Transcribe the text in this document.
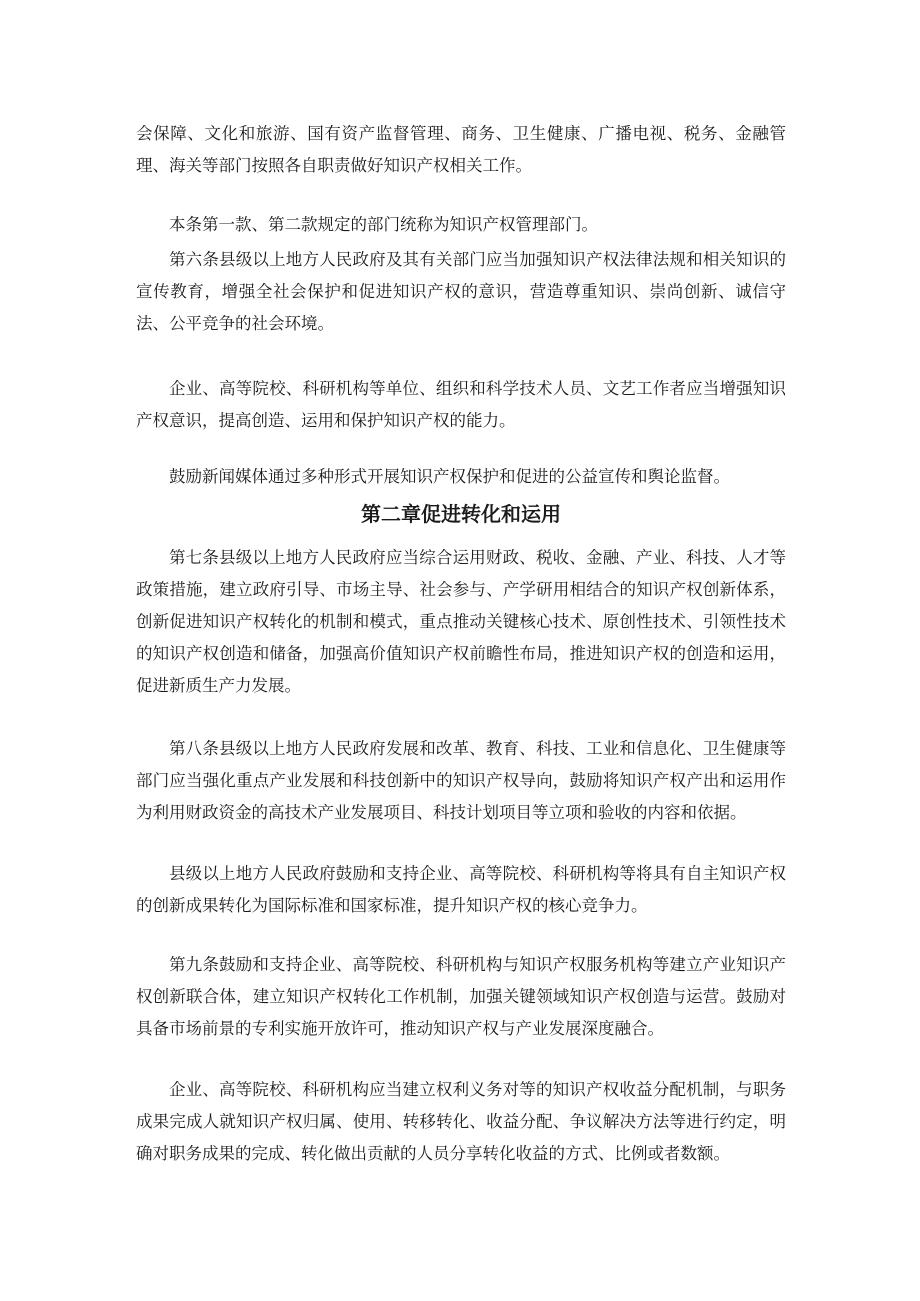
会保障、文化和旅游、国有资产监督管理、商务、卫生健康、广播电视、税务、金融管理、海关等部门按照各自职责做好知识产权相关工作。

本条第一款、第二款规定的部门统称为知识产权管理部门。

第六条县级以上地方人民政府及其有关部门应当加强知识产权法律法规和相关知识的宣传教育，增强全社会保护和促进知识产权的意识，营造尊重知识、崇尚创新、诚信守法、公平竞争的社会环境。

企业、高等院校、科研机构等单位、组织和科学技术人员、文艺工作者应当增强知识产权意识，提高创造、运用和保护知识产权的能力。

鼓励新闻媒体通过多种形式开展知识产权保护和促进的公益宣传和舆论监督。

第二章促进转化和运用

第七条县级以上地方人民政府应当综合运用财政、税收、金融、产业、科技、人才等政策措施，建立政府引导、市场主导、社会参与、产学研用相结合的知识产权创新体系，创新促进知识产权转化的机制和模式，重点推动关键核心技术、原创性技术、引领性技术的知识产权创造和储备，加强高价值知识产权前瞻性布局，推进知识产权的创造和运用，促进新质生产力发展。

第八条县级以上地方人民政府发展和改革、教育、科技、工业和信息化、卫生健康等部门应当强化重点产业发展和科技创新中的知识产权导向，鼓励将知识产权产出和运用作为利用财政资金的高技术产业发展项目、科技计划项目等立项和验收的内容和依据。

县级以上地方人民政府鼓励和支持企业、高等院校、科研机构等将具有自主知识产权的创新成果转化为国际标准和国家标准，提升知识产权的核心竞争力。

第九条鼓励和支持企业、高等院校、科研机构与知识产权服务机构等建立产业知识产权创新联合体，建立知识产权转化工作机制，加强关键领域知识产权创造与运营。鼓励对具备市场前景的专利实施开放许可，推动知识产权与产业发展深度融合。

企业、高等院校、科研机构应当建立权利义务对等的知识产权收益分配机制，与职务成果完成人就知识产权归属、使用、转移转化、收益分配、争议解决方法等进行约定，明确对职务成果的完成、转化做出贡献的人员分享转化收益的方式、比例或者数额。
